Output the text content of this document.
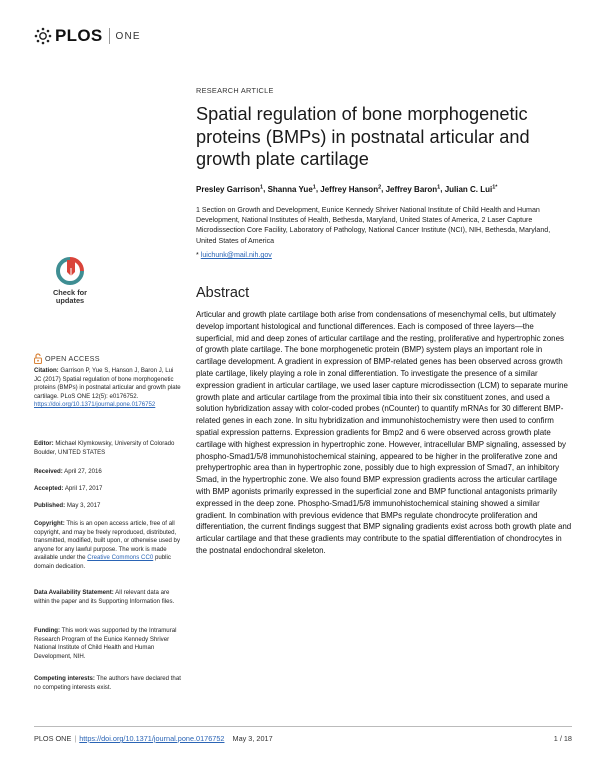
PLOS ONE
Check for updates
OPEN ACCESS
Citation: Garrison P, Yue S, Hanson J, Baron J, Lui JC (2017) Spatial regulation of bone morphogenetic proteins (BMPs) in postnatal articular and growth plate cartilage. PLoS ONE 12(5): e0176752. https://doi.org/10.1371/journal.pone.0176752
Editor: Michael Klymkowsky, University of Colorado Boulder, UNITED STATES
Received: April 27, 2016
Accepted: April 17, 2017
Published: May 3, 2017
Copyright: This is an open access article, free of all copyright, and may be freely reproduced, distributed, transmitted, modified, built upon, or otherwise used by anyone for any lawful purpose. The work is made available under the Creative Commons CC0 public domain dedication.
Data Availability Statement: All relevant data are within the paper and its Supporting Information files.
Funding: This work was supported by the Intramural Research Program of the Eunice Kennedy Shriver National Institute of Child Health and Human Development, NIH.
Competing interests: The authors have declared that no competing interests exist.
RESEARCH ARTICLE
Spatial regulation of bone morphogenetic proteins (BMPs) in postnatal articular and growth plate cartilage
Presley Garrison$^1$, Shanna Yue$^1$, Jeffrey Hanson$^2$, Jeffrey Baron$^1$, Julian C. Lui$^{1*}$
1 Section on Growth and Development, Eunice Kennedy Shriver National Institute of Child Health and Human Development, National Institutes of Health, Bethesda, Maryland, United States of America, 2 Laser Capture Microdissection Core Facility, Laboratory of Pathology, National Cancer Institute (NCI), NIH, Bethesda, Maryland, United States of America
* luichunk@mail.nih.gov
Abstract
Articular and growth plate cartilage both arise from condensations of mesenchymal cells, but ultimately develop important histological and functional differences. Each is composed of three layers—the superficial, mid and deep zones of articular cartilage and the resting, proliferative and hypertrophic zones of growth plate cartilage. The bone morphogenetic protein (BMP) system plays an important role in cartilage development. A gradient in expression of BMP-related genes has been observed across growth plate cartilage, likely playing a role in zonal differentiation. To investigate the presence of a similar expression gradient in articular cartilage, we used laser capture microdissection (LCM) to separate murine growth plate and articular cartilage from the proximal tibia into their six constituent zones, and used a solution hybridization assay with color-coded probes (nCounter) to quantify mRNAs for 30 different BMP-related genes in each zone. In situ hybridization and immunohistochemistry were then used to confirm spatial expression patterns. Expression gradients for Bmp2 and 6 were observed across growth plate cartilage with highest expression in hypertrophic zone. However, intracellular BMP signaling, assessed by phospho-Smad1/5/8 immunohistochemical staining, appeared to be higher in the proliferative zone and prehypertrophic area than in hypertrophic zone, possibly due to high expression of Smad7, an inhibitory Smad, in the hypertrophic zone. We also found BMP expression gradients across the articular cartilage with BMP agonists primarily expressed in the superficial zone and BMP functional antagonists primarily expressed in the deep zone. Phospho-Smad1/5/8 immunohistochemical staining showed a similar gradient. In combination with previous evidence that BMPs regulate chondrocyte proliferation and differentiation, the current findings suggest that BMP signaling gradients exist across both growth plate and articular cartilage and that these gradients may contribute to the spatial differentiation of chondrocytes in the postnatal endochondral skeleton.
PLOS ONE | https://doi.org/10.1371/journal.pone.0176752 May 3, 2017	1 / 18
